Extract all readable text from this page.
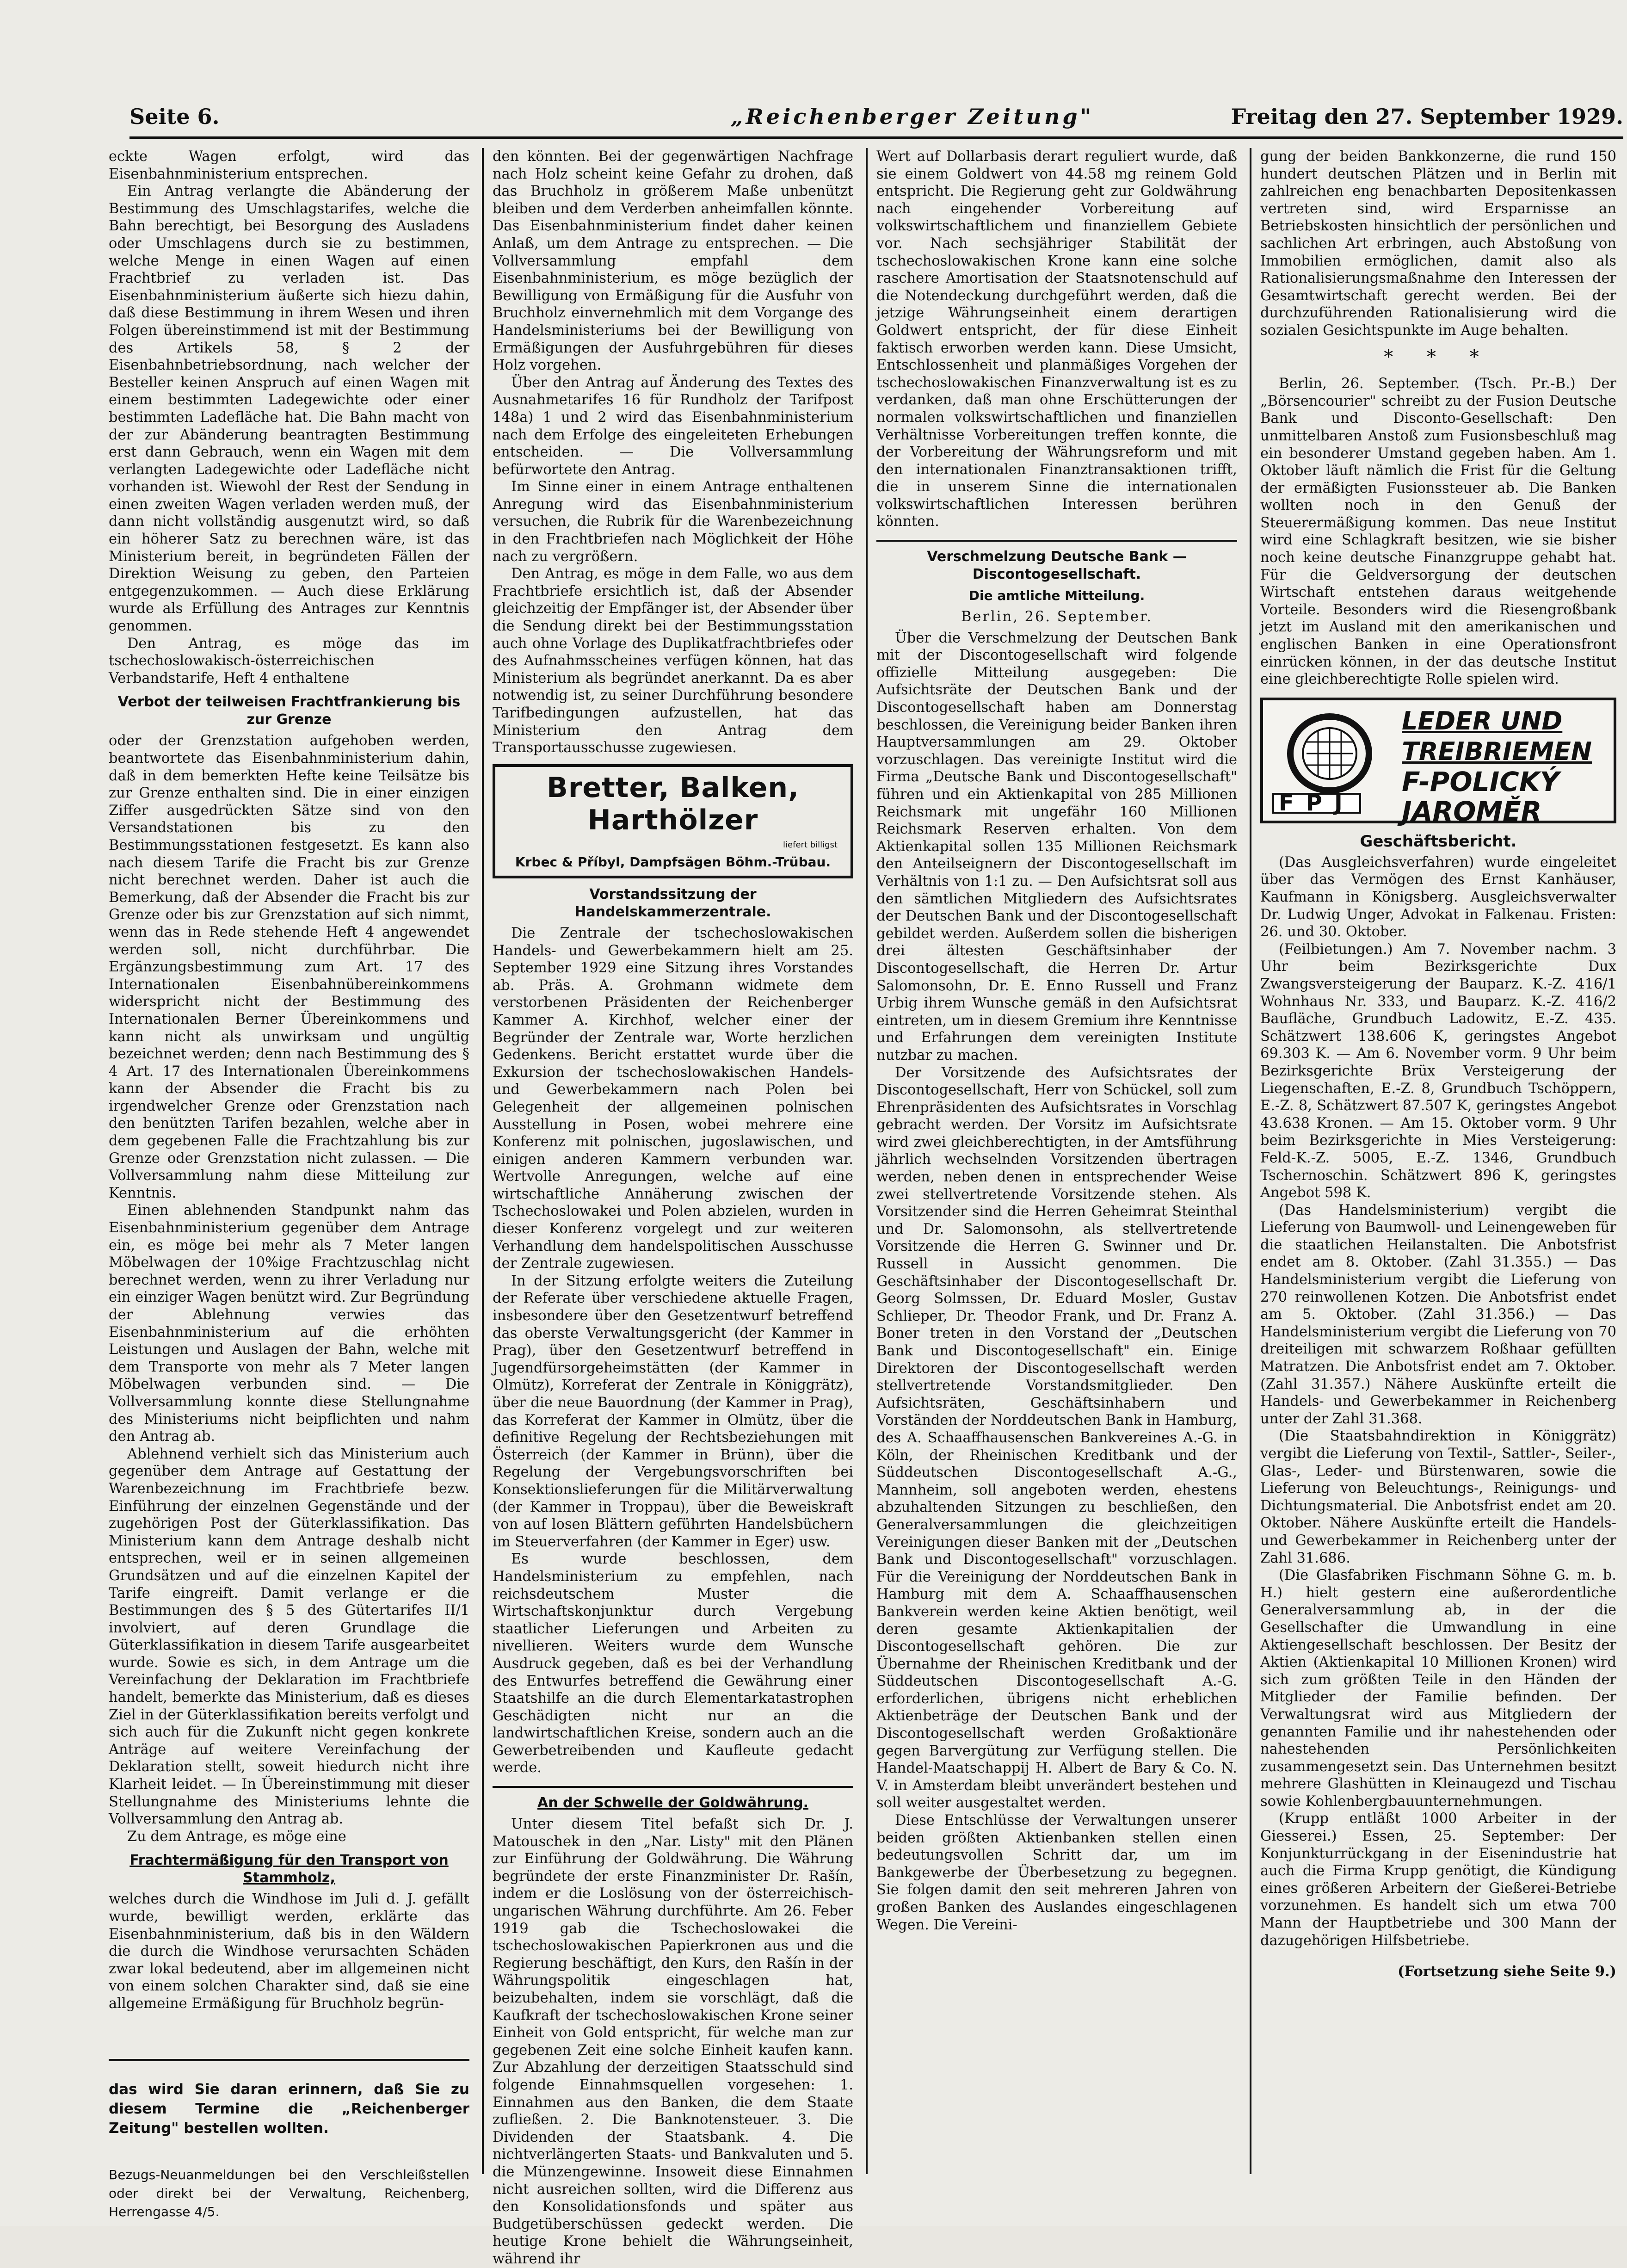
Seite 6.	„Reichenberger Zeitung"	Freitag den 27. September 1929.

eckte Wagen	erfolgt, wird das Eisenbahnministerium entsprechen.

Ein Antrag verlangte die Abänderung der Bestimmung des Umschlagstarifes, welche die Bahn berechtigt, bei Besorgung des Ausladens oder Umschlagens durch sie zu bestimmen, welche Menge in einen Wagen auf einen Frachtbrief zu verladen ist. Das Eisenbahnministerium äußerte sich hiezu dahin, daß diese Bestimmung in ihrem Wesen und ihren Folgen übereinstimmend ist mit der Bestimmung des Artikels 58, § 2 der Eisenbahnbetriebsordnung, nach welcher der Besteller keinen Anspruch auf einen Wagen mit einem bestimmten Ladegewichte oder einer bestimmten Ladefläche hat. Die Bahn macht von der zur Abänderung beantragten Bestimmung erst dann Gebrauch, wenn ein Wagen mit dem verlangten Ladegewichte oder Ladefläche nicht vorhanden ist. Wiewohl der Rest der Sendung in einen zweiten Wagen verladen werden muß, der dann nicht vollständig ausgenutzt wird, so daß ein höherer Satz zu berechnen wäre, ist das Ministerium bereit, in begründeten Fällen der Direktion Weisung zu geben, den Parteien entgegenzukommen. — Auch diese Erklärung wurde als Erfüllung des Antrages zur Kenntnis genommen.

Den Antrag, es möge das im tschechoslowakisch-österreichischen Verbandstarife, Heft 4 enthaltene

Verbot der teilweisen Frachtfrankierung bis zur Grenze

oder der Grenzstation aufgehoben werden, beantwortete das Eisenbahnministerium dahin, daß in dem bemerkten Hefte keine Teilsätze bis zur Grenze enthalten sind. Die in einer einzigen Ziffer ausgedrückten Sätze sind von den Versandstationen bis zu den Bestimmungsstationen festgesetzt. Es kann also nach diesem Tarife die Fracht bis zur Grenze nicht berechnet werden. Daher ist auch die Bemerkung, daß der Absender die Fracht bis zur Grenze oder bis zur Grenzstation auf sich nimmt, wenn das in Rede stehende Heft 4 angewendet werden soll, nicht durchführbar. Die Ergänzungsbestimmung zum Art. 17 des Internationalen Eisenbahnübereinkommens widerspricht nicht der Bestimmung des Internationalen Berner Übereinkommens und kann nicht als unwirksam und ungültig bezeichnet werden; denn nach Bestimmung des § 4 Art. 17 des Internationalen Übereinkommens kann der Absender die Fracht bis zu irgendwelcher Grenze oder Grenzstation nach den benützten Tarifen bezahlen, welche aber in dem gegebenen Falle die Frachtzahlung bis zur Grenze oder Grenzstation nicht zulassen. — Die Vollversammlung nahm diese Mitteilung zur Kenntnis.

Einen ablehnenden Standpunkt nahm das Eisenbahnministerium gegenüber dem Antrage ein, es möge bei mehr als 7 Meter langen Möbelwagen der 10%ige Frachtzuschlag nicht berechnet werden, wenn zu ihrer Verladung nur ein einziger Wagen benützt wird. Zur Begründung der Ablehnung verwies das Eisenbahnministerium auf die erhöhten Leistungen und Auslagen der Bahn, welche mit dem Transporte von mehr als 7 Meter langen Möbelwagen verbunden sind. — Die Vollversammlung konnte diese Stellungnahme des Ministeriums nicht beipflichten und nahm den Antrag ab.

Ablehnend verhielt sich das Ministerium auch gegenüber dem Antrage auf Gestattung der Warenbezeichnung im Frachtbriefe bezw. Einführung der einzelnen Gegenstände und der zugehörigen Post der Güterklassifikation. Das Ministerium kann dem Antrage deshalb nicht entsprechen, weil er in seinen allgemeinen Grundsätzen und auf die einzelnen Kapitel der Tarife eingreift. Damit verlange er die Bestimmungen des § 5 des Gütertarifes II/1 involviert, auf deren Grundlage die Güterklassifikation in diesem Tarife ausgearbeitet wurde. Sowie es sich, in dem Antrage um die Vereinfachung der Deklaration im Frachtbriefe handelt, bemerkte das Ministerium, daß es dieses Ziel in der Güterklassifikation bereits verfolgt und sich auch für die Zukunft nicht gegen konkrete Anträge auf weitere Vereinfachung der Deklaration stellt, soweit hiedurch nicht ihre Klarheit leidet. — In Übereinstimmung mit dieser Stellungnahme des Ministeriums lehnte die Vollversammlung den Antrag ab.

Zu dem Antrage, es möge eine

Frachtermäßigung für den Transport von Stammholz,

welches durch die Windhose im Juli d. J. gefällt wurde, bewilligt werden, erklärte das Eisenbahnministerium, daß bis in den Wäldern die durch die Windhose verursachten Schäden zwar lokal bedeutend, aber im allgemeinen nicht von einem solchen Charakter sind, daß sie eine allgemeine Ermäßigung für Bruchholz begrün-

das wird Sie daran erinnern, daß Sie zu diesem Termine die „Reichenberger Zeitung" bestellen wollten.

Bezugs-Neuanmeldungen bei den Verschleißstellen oder direkt bei der Verwaltung, Reichenberg, Herrengasse 4/5.

den könnten. Bei der gegenwärtigen Nachfrage nach Holz scheint keine Gefahr zu drohen, daß das Bruchholz in größerem Maße unbenützt bleiben und dem Verderben anheimfallen könnte. Das Eisenbahnministerium findet daher keinen Anlaß, um dem Antrage zu entsprechen. — Die Vollversammlung empfahl dem Eisenbahnministerium, es möge bezüglich der Bewilligung von Ermäßigung für die Ausfuhr von Bruchholz einvernehmlich mit dem Vorgange des Handelsministeriums bei der Bewilligung von Ermäßigungen der Ausfuhrgebühren für dieses Holz vorgehen.

Über den Antrag auf Änderung des Textes des Ausnahmetarifes 16 für Rundholz der Tarifpost 148a) 1 und 2 wird das Eisenbahnministerium nach dem Erfolge des eingeleiteten Erhebungen entscheiden. — Die Vollversammlung befürwortete den Antrag.

Im Sinne einer in einem Antrage enthaltenen Anregung wird das Eisenbahnministerium versuchen, die Rubrik für die Warenbezeichnung in den Frachtbriefen nach Möglichkeit der Höhe nach zu vergrößern.

Den Antrag, es möge in dem Falle, wo aus dem Frachtbriefe ersichtlich ist, daß der Absender gleichzeitig der Empfänger ist, der Absender über die Sendung direkt bei der Bestimmungsstation auch ohne Vorlage des Duplikatfrachtbriefes oder des Aufnahmsscheines verfügen können, hat das Ministerium als begründet anerkannt. Da es aber notwendig ist, zu seiner Durchführung besondere Tarifbedingungen aufzustellen, hat das Ministerium den Antrag dem Transportausschusse zugewiesen.

Bretter, Balken, Harthölzer
liefert billigst
Krbec & Příbyl, Dampfsägen Böhm.-Trübau.
Vorstandssitzung der Handelskammerzentrale.

Die Zentrale der tschechoslowakischen Handels- und Gewerbekammern hielt am 25. September 1929 eine Sitzung ihres Vorstandes ab. Präs. A. Grohmann widmete dem verstorbenen Präsidenten der Reichenberger Kammer A. Kirchhof, welcher einer der Begründer der Zentrale war, Worte herzlichen Gedenkens. Bericht erstattet wurde über die Exkursion der tschechoslowakischen Handels- und Gewerbekammern nach Polen bei Gelegenheit der allgemeinen polnischen Ausstellung in Posen, wobei mehrere eine Konferenz mit polnischen, jugoslawischen, und einigen anderen Kammern verbunden war. Wertvolle Anregungen, welche auf eine wirtschaftliche Annäherung zwischen der Tschechoslowakei und Polen abzielen, wurden in dieser Konferenz vorgelegt und zur weiteren Verhandlung dem handelspolitischen Ausschusse der Zentrale zugewiesen.

In der Sitzung erfolgte weiters die Zuteilung der Referate über verschiedene aktuelle Fragen, insbesondere über den Gesetzentwurf betreffend das oberste Verwaltungsgericht (der Kammer in Prag), über den Gesetzentwurf betreffend in Jugendfürsorgeheimstätten (der Kammer in Olmütz), Korreferat der Zentrale in Königgrätz), über die neue Bauordnung (der Kammer in Prag), das Korreferat der Kammer in Olmütz, über die definitive Regelung der Rechtsbeziehungen mit Österreich (der Kammer in Brünn), über die Regelung der Vergebungsvorschriften bei Konsektionslieferungen für die Militärverwaltung (der Kammer in Troppau), über die Beweiskraft von auf losen Blättern geführten Handelsbüchern im Steuerverfahren (der Kammer in Eger) usw.

Es wurde beschlossen, dem Handelsministerium zu empfehlen, nach reichsdeutschem Muster die Wirtschaftskonjunktur durch Vergebung staatlicher Lieferungen und Arbeiten zu nivellieren. Weiters wurde dem Wunsche Ausdruck gegeben, daß es bei der Verhandlung des Entwurfes betreffend die Gewährung einer Staatshilfe an die durch Elementarkatastrophen Geschädigten nicht nur an die landwirtschaftlichen Kreise, sondern auch an die Gewerbetreibenden und Kaufleute gedacht werde.

An der Schwelle der Goldwährung.

Unter diesem Titel befaßt sich Dr. J. Matouschek in den „Nar. Listy" mit den Plänen zur Einführung der Goldwährung. Die Währung begründete der erste Finanzminister Dr. Rašín, indem er die Loslösung von der österreichisch-ungarischen Währung durchführte. Am 26. Feber 1919 gab die Tschechoslowakei die tschechoslowakischen Papierkronen aus und die Regierung beschäftigt, den Kurs, den Rašín in der Währungspolitik eingeschlagen hat, beizubehalten, indem sie vorschlägt, daß die Kaufkraft der tschechoslowakischen Krone seiner Einheit von Gold entspricht, für welche man zur gegebenen Zeit eine solche Einheit kaufen kann. Zur Abzahlung der derzeitigen Staatsschuld sind folgende Einnahmsquellen vorgesehen: 1. Einnahmen aus den Banken, die dem Staate zufließen. 2. Die Banknotensteuer. 3. Die Dividenden der Staatsbank. 4. Die nichtverlängerten Staats- und Bankvaluten und 5. die Münzengewinne. Insoweit diese Einnahmen nicht ausreichen sollten, wird die Differenz aus den Konsolidationsfonds und später aus Budgetüberschüssen gedeckt werden. Die heutige Krone behielt die Währungseinheit, während ihr

Wert auf Dollarbasis derart reguliert wurde, daß sie einem Goldwert von 44.58 mg reinem Gold entspricht. Die Regierung geht zur Goldwährung nach eingehender Vorbereitung auf volkswirtschaftlichem und finanziellem Gebiete vor. Nach sechsjähriger Stabilität der tschechoslowakischen Krone kann eine solche raschere Amortisation der Staatsnotenschuld auf die Notendeckung durchgeführt werden, daß die jetzige Währungseinheit einem derartigen Goldwert entspricht, der für diese Einheit faktisch erworben werden kann. Diese Umsicht, Entschlossenheit und planmäßiges Vorgehen der tschechoslowakischen Finanzverwaltung ist es zu verdanken, daß man ohne Erschütterungen der normalen volkswirtschaftlichen und finanziellen Verhältnisse Vorbereitungen treffen konnte, die der Vorbereitung der Währungsreform und mit den internationalen Finanztransaktionen trifft, die in unserem Sinne die internationalen volkswirtschaftlichen Interessen berühren könnten.

Verschmelzung Deutsche Bank — Discontogesellschaft.
Die amtliche Mitteilung.
Berlin, 26. September.

Über die Verschmelzung der Deutschen Bank mit der Discontogesellschaft wird folgende offizielle Mitteilung ausgegeben: Die Aufsichtsräte der Deutschen Bank und der Discontogesellschaft haben am Donnerstag beschlossen, die Vereinigung beider Banken ihren Hauptversammlungen am 29. Oktober vorzuschlagen. Das vereinigte Institut wird die Firma „Deutsche Bank und Discontogesellschaft" führen und ein Aktienkapital von 285 Millionen Reichsmark mit ungefähr 160 Millionen Reichsmark Reserven erhalten. Von dem Aktienkapital sollen 135 Millionen Reichsmark den Anteilseignern der Discontogesellschaft im Verhältnis von 1:1 zu. — Den Aufsichtsrat soll aus den sämtlichen Mitgliedern des Aufsichtsrates der Deutschen Bank und der Discontogesellschaft gebildet werden. Außerdem sollen die bisherigen drei ältesten Geschäftsinhaber der Discontogesellschaft, die Herren Dr. Artur Salomonsohn, Dr. E. Enno Russell und Franz Urbig ihrem Wunsche gemäß in den Aufsichtsrat eintreten, um in diesem Gremium ihre Kenntnisse und Erfahrungen dem vereinigten Institute nutzbar zu machen.

Der Vorsitzende des Aufsichtsrates der Discontogesellschaft, Herr von Schückel, soll zum Ehrenpräsidenten des Aufsichtsrates in Vorschlag gebracht werden. Der Vorsitz im Aufsichtsrate wird zwei gleichberechtigten, in der Amtsführung jährlich wechselnden Vorsitzenden übertragen werden, neben denen in entsprechender Weise zwei stellvertretende Vorsitzende stehen. Als Vorsitzender sind die Herren Geheimrat Steinthal und Dr. Salomonsohn, als stellvertretende Vorsitzende die Herren G. Swinner und Dr. Russell in Aussicht genommen. Die Geschäftsinhaber der Discontogesellschaft Dr. Georg Solmssen, Dr. Eduard Mosler, Gustav Schlieper, Dr. Theodor Frank, und Dr. Franz A. Boner treten in den Vorstand der „Deutschen Bank und Discontogesellschaft" ein. Einige Direktoren der Discontogesellschaft werden stellvertretende Vorstandsmitglieder. Den Aufsichtsräten, Geschäftsinhabern und Vorständen der Norddeutschen Bank in Hamburg, des A. Schaaffhausenschen Bankvereines A.-G. in Köln, der Rheinischen Kreditbank und der Süddeutschen Discontogesellschaft A.-G., Mannheim, soll angeboten werden, ehestens abzuhaltenden Sitzungen zu beschließen, den Generalversammlungen die gleichzeitigen Vereinigungen dieser Banken mit der „Deutschen Bank und Discontogesellschaft" vorzuschlagen. Für die Vereinigung der Norddeutschen Bank in Hamburg mit dem A. Schaaffhausenschen Bankverein werden keine Aktien benötigt, weil deren gesamte Aktienkapitalien der Discontogesellschaft gehören. Die zur Übernahme der Rheinischen Kreditbank und der Süddeutschen Discontogesellschaft A.-G. erforderlichen, übrigens nicht erheblichen Aktienbeträge der Deutschen Bank und der Discontogesellschaft werden Großaktionäre gegen Barvergütung zur Verfügung stellen. Die Handel-Maatschappij H. Albert de Bary & Co. N. V. in Amsterdam bleibt unverändert bestehen und soll weiter ausgestaltet werden.

Diese Entschlüsse der Verwaltungen unserer beiden größten Aktienbanken stellen einen bedeutungsvollen Schritt dar, um im Bankgewerbe der Überbesetzung zu begegnen. Sie folgen damit den seit mehreren Jahren von großen Banken des Auslandes eingeschlagenen Wegen. Die Vereini-

gung der beiden Bankkonzerne, die rund 150 hundert deutschen Plätzen und in Berlin mit zahlreichen eng benachbarten Depositenkassen vertreten sind, wird Ersparnisse an Betriebskosten hinsichtlich der persönlichen und sachlichen Art erbringen, auch Abstoßung von Immobilien ermöglichen, damit also als Rationalisierungsmaßnahme den Interessen der Gesamtwirtschaft gerecht werden. Bei der durchzuführenden Rationalisierung wird die sozialen Gesichtspunkte im Auge behalten.

* * *

Berlin, 26. September. (Tsch. Pr.-B.) Der „Börsencourier" schreibt zu der Fusion Deutsche Bank und Disconto-Gesellschaft: Den unmittelbaren Anstoß zum Fusionsbeschluß mag ein besonderer Umstand gegeben haben. Am 1. Oktober läuft nämlich die Frist für die Geltung der ermäßigten Fusionssteuer ab. Die Banken wollten noch in den Genuß der Steuerermäßigung kommen. Das neue Institut wird eine Schlagkraft besitzen, wie sie bisher noch keine deutsche Finanzgruppe gehabt hat. Für die Geldversorgung der deutschen Wirtschaft entstehen daraus weitgehende Vorteile. Besonders wird die Riesengroßbank jetzt im Ausland mit den amerikanischen und englischen Banken in eine Operationsfront einrücken können, in der das deutsche Institut eine gleichberechtigte Rolle spielen wird.

FPJ
LEDER UND
TREIBRIEMEN
F-POLICKÝ
JAROMĚR
Geschäftsbericht.

(Das Ausgleichsverfahren) wurde eingeleitet über das Vermögen des Ernst Kanhäuser, Kaufmann in Königsberg. Ausgleichsverwalter Dr. Ludwig Unger, Advokat in Falkenau. Fristen: 26. und 30. Oktober.

(Feilbietungen.) Am 7. November nachm. 3 Uhr beim Bezirksgerichte Dux Zwangsversteigerung der Bauparz. K.-Z. 416/1 Wohnhaus Nr. 333, und Bauparz. K.-Z. 416/2 Baufläche, Grundbuch Ladowitz, E.-Z. 435. Schätzwert 138.606 K, geringstes Angebot 69.303 K. — Am 6. November vorm. 9 Uhr beim Bezirksgerichte Brüx Versteigerung der Liegenschaften, E.-Z. 8, Grundbuch Tschöppern, E.-Z. 8, Schätzwert 87.507 K, geringstes Angebot 43.638 Kronen. — Am 15. Oktober vorm. 9 Uhr beim Bezirksgerichte in Mies Versteigerung: Feld-K.-Z. 5005, E.-Z. 1346, Grundbuch Tschernoschin. Schätzwert 896 K, geringstes Angebot 598 K.

(Das Handelsministerium) vergibt die Lieferung von Baumwoll- und Leinengeweben für die staatlichen Heilanstalten. Die Anbotsfrist endet am 8. Oktober. (Zahl 31.355.) — Das Handelsministerium vergibt die Lieferung von 270 reinwollenen Kotzen. Die Anbotsfrist endet am 5. Oktober. (Zahl 31.356.) — Das Handelsministerium vergibt die Lieferung von 70 dreiteiligen mit schwarzem Roßhaar gefüllten Matratzen. Die Anbotsfrist endet am 7. Oktober. (Zahl 31.357.) Nähere Auskünfte erteilt die Handels- und Gewerbekammer in Reichenberg unter der Zahl 31.368.

(Die Staatsbahndirektion in Königgrätz) vergibt die Lieferung von Textil-, Sattler-, Seiler-, Glas-, Leder- und Bürstenwaren, sowie die Lieferung von Beleuchtungs-, Reinigungs- und Dichtungsmaterial. Die Anbotsfrist endet am 20. Oktober. Nähere Auskünfte erteilt die Handels- und Gewerbekammer in Reichenberg unter der Zahl 31.686.

(Die Glasfabriken Fischmann Söhne G. m. b. H.) hielt gestern eine außerordentliche Generalversammlung ab, in der die Gesellschafter die Umwandlung in eine Aktiengesellschaft beschlossen. Der Besitz der Aktien (Aktienkapital 10 Millionen Kronen) wird sich zum größten Teile in den Händen der Mitglieder der Familie befinden. Der Verwaltungsrat wird aus Mitgliedern der genannten Familie und ihr nahestehenden oder nahestehenden Persönlichkeiten zusammengesetzt sein. Das Unternehmen besitzt mehrere Glashütten in Kleinaugezd und Tischau sowie Kohlenbergbauunternehmungen.

(Krupp entläßt 1000 Arbeiter in der Giesserei.) Essen, 25. September: Der Konjunkturrückgang in der Eisenindustrie hat auch die Firma Krupp genötigt, die Kündigung eines größeren Arbeitern der Gießerei-Betriebe vorzunehmen. Es handelt sich um etwa 700 Mann der Hauptbetriebe und 300 Mann der dazugehörigen Hilfsbetriebe.

(Fortsetzung siehe Seite 9.)
